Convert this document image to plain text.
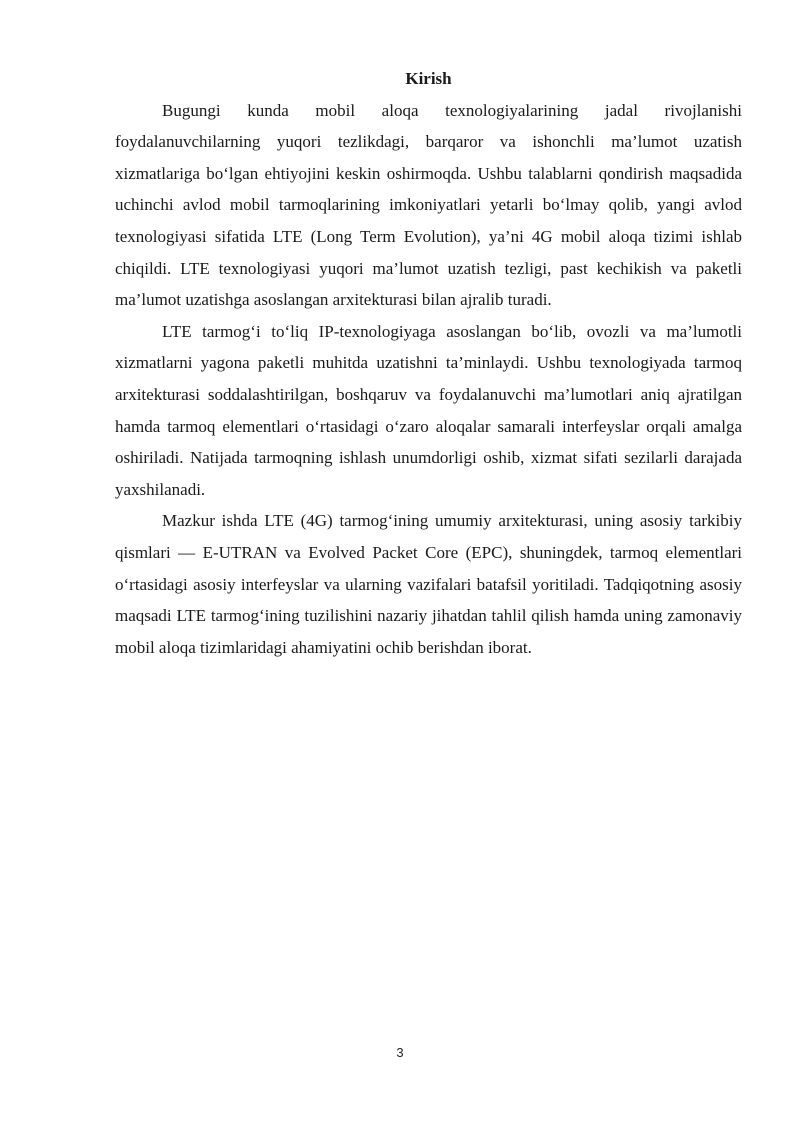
Kirish

Bugungi kunda mobil aloqa texnologiyalarining jadal rivojlanishi foydalanuvchilarning yuqori tezlikdagi, barqaror va ishonchli ma’lumot uzatish xizmatlariga bo‘lgan ehtiyojini keskin oshirmoqda. Ushbu talablarni qondirish maqsadida uchinchi avlod mobil tarmoqlarining imkoniyatlari yetarli bo‘lmay qolib, yangi avlod texnologiyasi sifatida LTE (Long Term Evolution), ya’ni 4G mobil aloqa tizimi ishlab chiqildi. LTE texnologiyasi yuqori ma’lumot uzatish tezligi, past kechikish va paketli ma’lumot uzatishga asoslangan arxitekturasi bilan ajralib turadi.

LTE tarmog‘i to‘liq IP-texnologiyaga asoslangan bo‘lib, ovozli va ma’lumotli xizmatlarni yagona paketli muhitda uzatishni ta’minlaydi. Ushbu texnologiyada tarmoq arxitekturasi soddalashtirilgan, boshqaruv va foydalanuvchi ma’lumotlari aniq ajratilgan hamda tarmoq elementlari o‘rtasidagi o‘zaro aloqalar samarali interfeyslar orqali amalga oshiriladi. Natijada tarmoqning ishlash unumdorligi oshib, xizmat sifati sezilarli darajada yaxshilanadi.

Mazkur ishda LTE (4G) tarmog‘ining umumiy arxitekturasi, uning asosiy tarkibiy qismlari — E-UTRAN va Evolved Packet Core (EPC), shuningdek, tarmoq elementlari o‘rtasidagi asosiy interfeyslar va ularning vazifalari batafsil yoritiladi. Tadqiqotning asosiy maqsadi LTE tarmog‘ining tuzilishini nazariy jihatdan tahlil qilish hamda uning zamonaviy mobil aloqa tizimlaridagi ahamiyatini ochib berishdan iborat.

3
